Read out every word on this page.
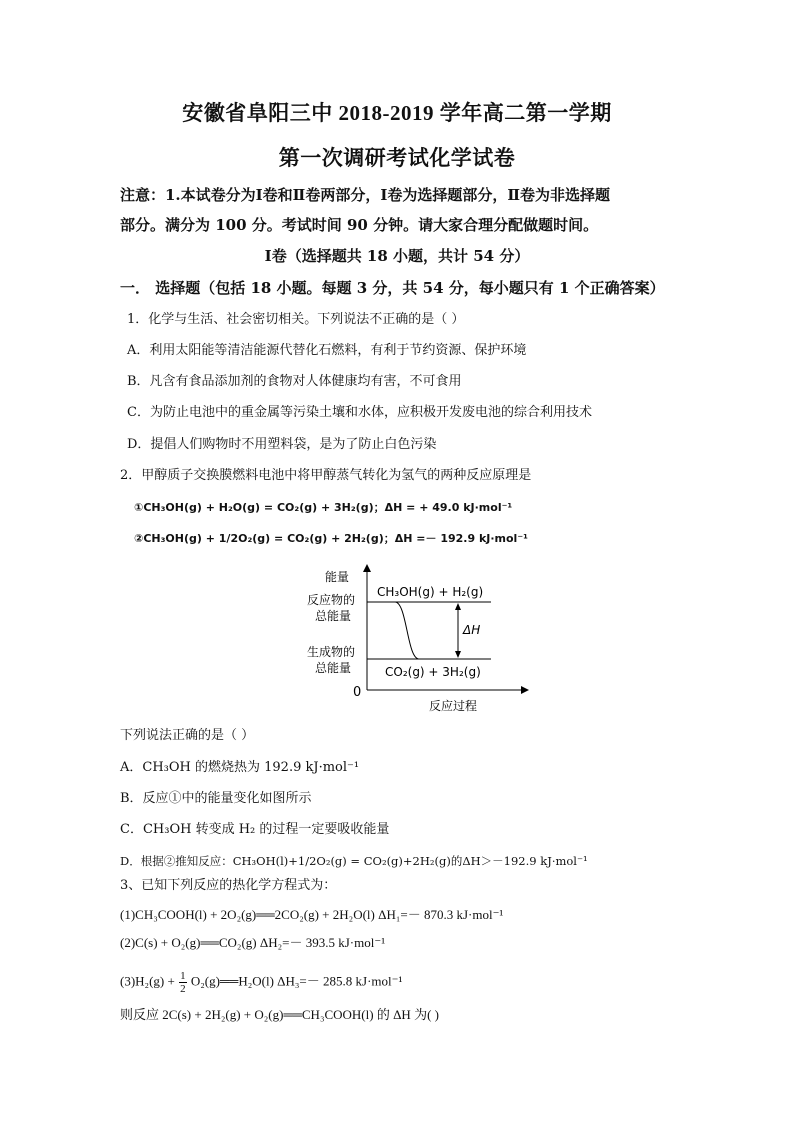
安徽省阜阳三中 2018-2019 学年高二第一学期
第一次调研考试化学试卷
注意：1.本试卷分为Ⅰ卷和Ⅱ卷两部分，Ⅰ卷为选择题部分，Ⅱ卷为非选择题
部分。满分为 100 分。考试时间 90 分钟。请大家合理分配做题时间。
Ⅰ卷（选择题共 18 小题，共计 54 分）
一． 选择题（包括 18 小题。每题 3 分，共 54 分，每小题只有 1 个正确答案）
1．化学与生活、社会密切相关。下列说法不正确的是（ ）
A．利用太阳能等清洁能源代替化石燃料，有利于节约资源、保护环境
B．凡含有食品添加剂的食物对人体健康均有害，不可食用
C．为防止电池中的重金属等污染土壤和水体，应积极开发废电池的综合利用技术
D．提倡人们购物时不用塑料袋，是为了防止白色污染
2．甲醇质子交换膜燃料电池中将甲醇蒸气转化为氢气的两种反应原理是
①CH₃OH(g) + H₂O(g) = CO₂(g) + 3H₂(g)；ΔH = + 49.0 kJ·mol⁻¹
②CH₃OH(g) + 1/2O₂(g) = CO₂(g) + 2H₂(g)；ΔH =－ 192.9 kJ·mol⁻¹
能量
反应物的
总能量
生成物的
总能量
0
反应过程
CH₃OH(g) + H₂(g)
CO₂(g) + 3H₂(g)
ΔH
下列说法正确的是（ ）
A．CH₃OH 的燃烧热为 192.9 kJ·mol⁻¹
B．反应①中的能量变化如图所示
C．CH₃OH 转变成 H₂ 的过程一定要吸收能量
D．根据②推知反应：CH₃OH(l)+1/2O₂(g) = CO₂(g)+2H₂(g)的ΔH＞－192.9 kJ·mol⁻¹
3、已知下列反应的热化学方程式为：
(1)CH₃COOH(l) + 2O₂(g)══2CO₂(g) + 2H₂O(l) ΔH₁=－ 870.3 kJ·mol⁻¹
(2)C(s) + O₂(g)══CO₂(g) ΔH₂=－ 393.5 kJ·mol⁻¹
$(3)H_2(g) + \frac{1}{2}$ O₂(g)══H₂O(l) ΔH₃=－ 285.8 kJ·mol⁻¹
则反应 2C(s) + 2H₂(g) + O₂(g)══CH₃COOH(l) 的 ΔH 为( )
